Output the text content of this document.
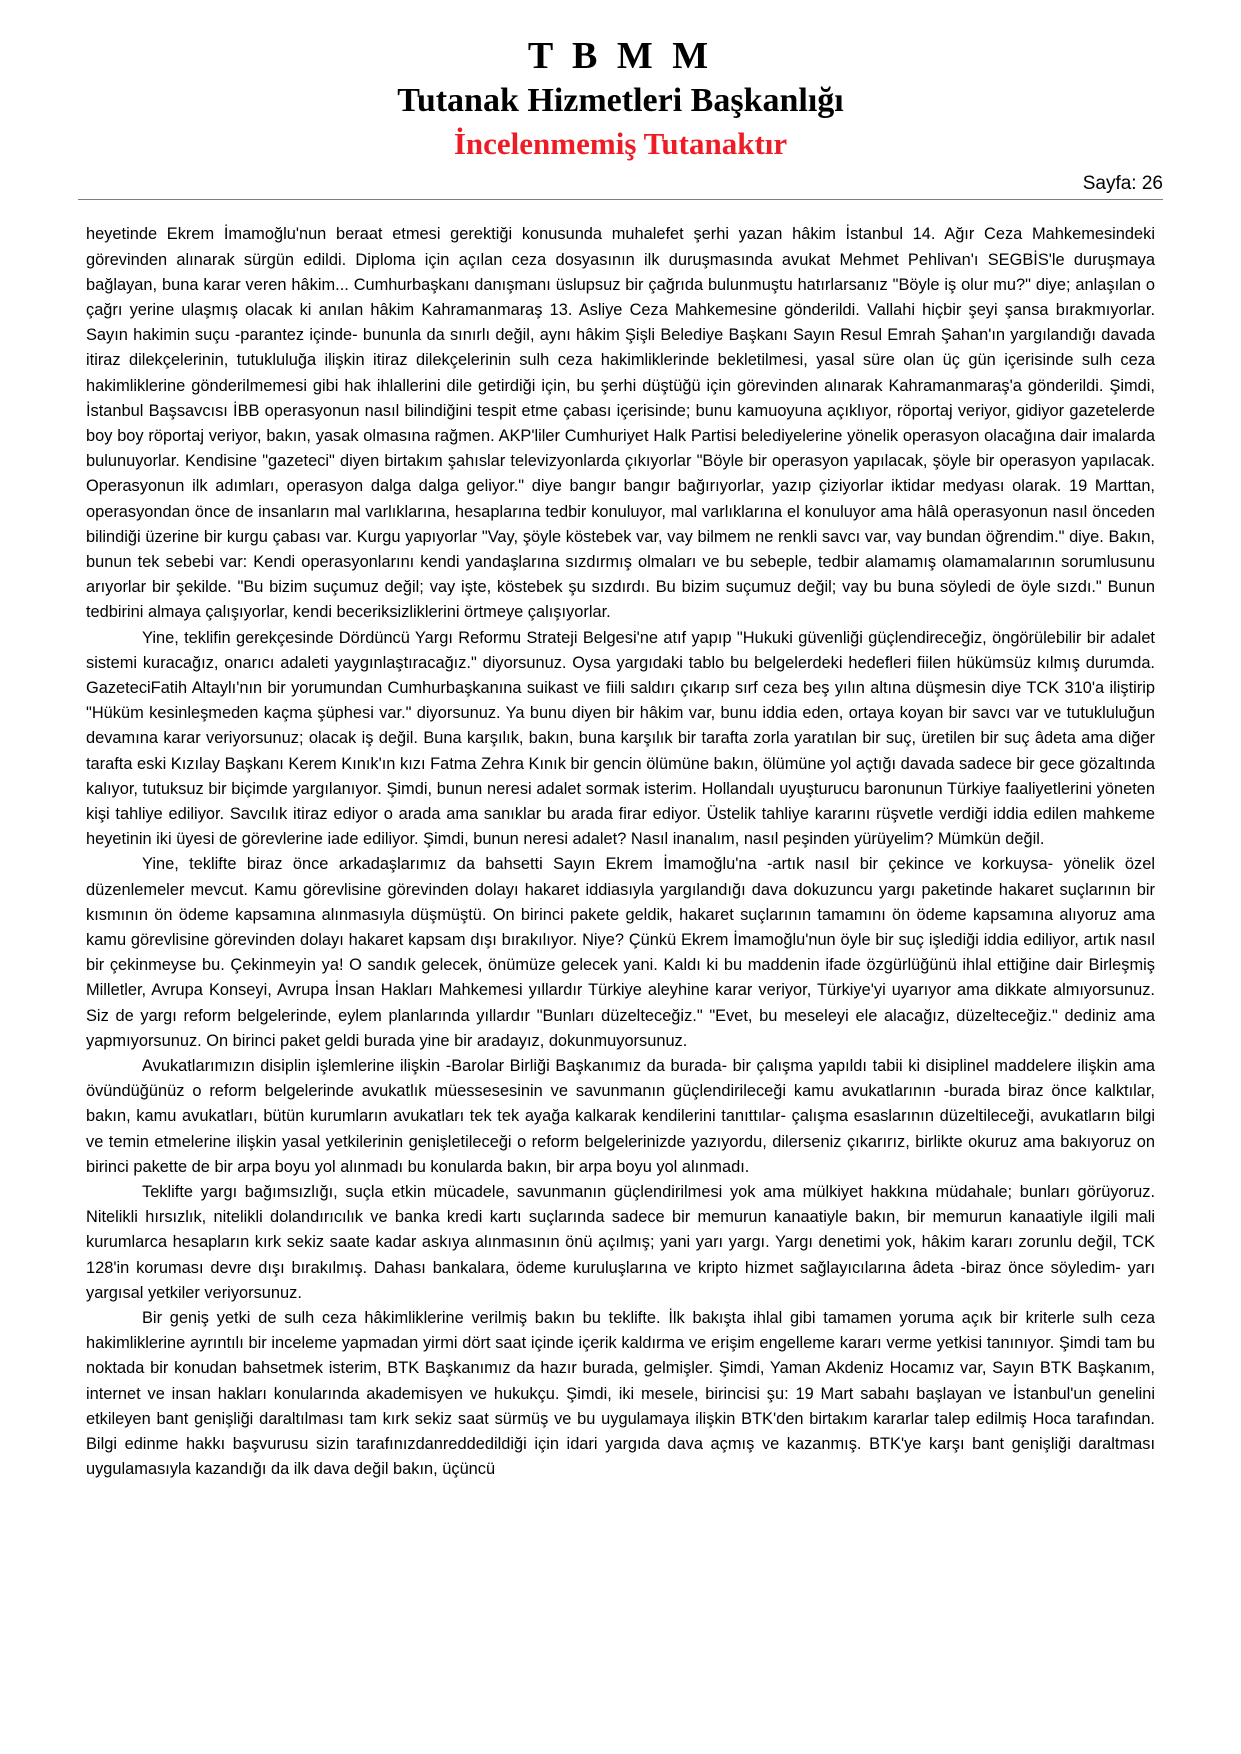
T B M M
Tutanak Hizmetleri Başkanlığı
İncelenmemiş Tutanaktır
Sayfa: 26

heyetinde Ekrem İmamoğlu'nun beraat etmesi gerektiği konusunda muhalefet şerhi yazan hâkim İstanbul 14. Ağır Ceza Mahkemesindeki görevinden alınarak sürgün edildi. Diploma için açılan ceza dosyasının ilk duruşmasında avukat Mehmet Pehlivan'ı SEGBİS'le duruşmaya bağlayan, buna karar veren hâkim... Cumhurbaşkanı danışmanı üslupsuz bir çağrıda bulunmuştu hatırlarsanız "Böyle iş olur mu?" diye; anlaşılan o çağrı yerine ulaşmış olacak ki anılan hâkim Kahramanmaraş 13. Asliye Ceza Mahkemesine gönderildi. Vallahi hiçbir şeyi şansa bırakmıyorlar. Sayın hakimin suçu -parantez içinde- bununla da sınırlı değil, aynı hâkim Şişli Belediye Başkanı Sayın Resul Emrah Şahan'ın yargılandığı davada itiraz dilekçelerinin, tutukluluğa ilişkin itiraz dilekçelerinin sulh ceza hakimliklerinde bekletilmesi, yasal süre olan üç gün içerisinde sulh ceza hakimliklerine gönderilmemesi gibi hak ihlallerini dile getirdiği için, bu şerhi düştüğü için görevinden alınarak Kahramanmaraş'a gönderildi. Şimdi, İstanbul Başsavcısı İBB operasyonun nasıl bilindiğini tespit etme çabası içerisinde; bunu kamuoyuna açıklıyor, röportaj veriyor, gidiyor gazetelerde boy boy röportaj veriyor, bakın, yasak olmasına rağmen. AKP'liler Cumhuriyet Halk Partisi belediyelerine yönelik operasyon olacağına dair imalarda bulunuyorlar. Kendisine "gazeteci" diyen birtakım şahıslar televizyonlarda çıkıyorlar "Böyle bir operasyon yapılacak, şöyle bir operasyon yapılacak. Operasyonun ilk adımları, operasyon dalga dalga geliyor." diye bangır bangır bağırıyorlar, yazıp çiziyorlar iktidar medyası olarak. 19 Marttan, operasyondan önce de insanların mal varlıklarına, hesaplarına tedbir konuluyor, mal varlıklarına el konuluyor ama hâlâ operasyonun nasıl önceden bilindiği üzerine bir kurgu çabası var. Kurgu yapıyorlar "Vay, şöyle köstebek var, vay bilmem ne renkli savcı var, vay bundan öğrendim." diye. Bakın, bunun tek sebebi var: Kendi operasyonlarını kendi yandaşlarına sızdırmış olmaları ve bu sebeple, tedbir alamamış olamamalarının sorumlusunu arıyorlar bir şekilde. "Bu bizim suçumuz değil; vay işte, köstebek şu sızdırdı. Bu bizim suçumuz değil; vay bu buna söyledi de öyle sızdı." Bunun tedbirini almaya çalışıyorlar, kendi beceriksizliklerini örtmeye çalışıyorlar.

Yine, teklifin gerekçesinde Dördüncü Yargı Reformu Strateji Belgesi'ne atıf yapıp "Hukuki güvenliği güçlendireceğiz, öngörülebilir bir adalet sistemi kuracağız, onarıcı adaleti yaygınlaştıracağız." diyorsunuz. Oysa yargıdaki tablo bu belgelerdeki hedefleri fiilen hükümsüz kılmış durumda. GazeteciFatih Altaylı'nın bir yorumundan Cumhurbaşkanına suikast ve fiili saldırı çıkarıp sırf ceza beş yılın altına düşmesin diye TCK 310'a iliştirip "Hüküm kesinleşmeden kaçma şüphesi var." diyorsunuz. Ya bunu diyen bir hâkim var, bunu iddia eden, ortaya koyan bir savcı var ve tutukluluğun devamına karar veriyorsunuz; olacak iş değil. Buna karşılık, bakın, buna karşılık bir tarafta zorla yaratılan bir suç, üretilen bir suç âdeta ama diğer tarafta eski Kızılay Başkanı Kerem Kınık'ın kızı Fatma Zehra Kınık bir gencin ölümüne bakın, ölümüne yol açtığı davada sadece bir gece gözaltında kalıyor, tutuksuz bir biçimde yargılanıyor. Şimdi, bunun neresi adalet sormak isterim. Hollandalı uyuşturucu baronunun Türkiye faaliyetlerini yöneten kişi tahliye ediliyor. Savcılık itiraz ediyor o arada ama sanıklar bu arada firar ediyor. Üstelik tahliye kararını rüşvetle verdiği iddia edilen mahkeme heyetinin iki üyesi de görevlerine iade ediliyor. Şimdi, bunun neresi adalet? Nasıl inanalım, nasıl peşinden yürüyelim? Mümkün değil.

Yine, teklifte biraz önce arkadaşlarımız da bahsetti Sayın Ekrem İmamoğlu'na -artık nasıl bir çekince ve korkuysa- yönelik özel düzenlemeler mevcut. Kamu görevlisine görevinden dolayı hakaret iddiasıyla yargılandığı dava dokuzuncu yargı paketinde hakaret suçlarının bir kısmının ön ödeme kapsamına alınmasıyla düşmüştü. On birinci pakete geldik, hakaret suçlarının tamamını ön ödeme kapsamına alıyoruz ama kamu görevlisine görevinden dolayı hakaret kapsam dışı bırakılıyor. Niye? Çünkü Ekrem İmamoğlu'nun öyle bir suç işlediği iddia ediliyor, artık nasıl bir çekinmeyse bu. Çekinmeyin ya! O sandık gelecek, önümüze gelecek yani. Kaldı ki bu maddenin ifade özgürlüğünü ihlal ettiğine dair Birleşmiş Milletler, Avrupa Konseyi, Avrupa İnsan Hakları Mahkemesi yıllardır Türkiye aleyhine karar veriyor, Türkiye'yi uyarıyor ama dikkate almıyorsunuz. Siz de yargı reform belgelerinde, eylem planlarında yıllardır "Bunları düzelteceğiz." "Evet, bu meseleyi ele alacağız, düzelteceğiz." dediniz ama yapmıyorsunuz. On birinci paket geldi burada yine bir aradayız, dokunmuyorsunuz.

Avukatlarımızın disiplin işlemlerine ilişkin -Barolar Birliği Başkanımız da burada- bir çalışma yapıldı tabii ki disiplinel maddelere ilişkin ama övündüğünüz o reform belgelerinde avukatlık müessesesinin ve savunmanın güçlendirileceği kamu avukatlarının -burada biraz önce kalktılar, bakın, kamu avukatları, bütün kurumların avukatları tek tek ayağa kalkarak kendilerini tanıttılar- çalışma esaslarının düzeltileceği, avukatların bilgi ve temin etmelerine ilişkin yasal yetkilerinin genişletileceği o reform belgelerinizde yazıyordu, dilerseniz çıkarırız, birlikte okuruz ama bakıyoruz on birinci pakette de bir arpa boyu yol alınmadı bu konularda bakın, bir arpa boyu yol alınmadı.

Teklifte yargı bağımsızlığı, suçla etkin mücadele, savunmanın güçlendirilmesi yok ama mülkiyet hakkına müdahale; bunları görüyoruz. Nitelikli hırsızlık, nitelikli dolandırıcılık ve banka kredi kartı suçlarında sadece bir memurun kanaatiyle bakın, bir memurun kanaatiyle ilgili mali kurumlarca hesapların kırk sekiz saate kadar askıya alınmasının önü açılmış; yani yarı yargı. Yargı denetimi yok, hâkim kararı zorunlu değil, TCK 128'in koruması devre dışı bırakılmış. Dahası bankalara, ödeme kuruluşlarına ve kripto hizmet sağlayıcılarına âdeta -biraz önce söyledim- yarı yargısal yetkiler veriyorsunuz.

Bir geniş yetki de sulh ceza hâkimliklerine verilmiş bakın bu teklifte. İlk bakışta ihlal gibi tamamen yoruma açık bir kriterle sulh ceza hakimliklerine ayrıntılı bir inceleme yapmadan yirmi dört saat içinde içerik kaldırma ve erişim engelleme kararı verme yetkisi tanınıyor. Şimdi tam bu noktada bir konudan bahsetmek isterim, BTK Başkanımız da hazır burada, gelmişler. Şimdi, Yaman Akdeniz Hocamız var, Sayın BTK Başkanım, internet ve insan hakları konularında akademisyen ve hukukçu. Şimdi, iki mesele, birincisi şu: 19 Mart sabahı başlayan ve İstanbul'un genelini etkileyen bant genişliği daraltılması tam kırk sekiz saat sürmüş ve bu uygulamaya ilişkin BTK'den birtakım kararlar talep edilmiş Hoca tarafından. Bilgi edinme hakkı başvurusu sizin tarafınızdanreddedildiği için idari yargıda dava açmış ve kazanmış. BTK'ye karşı bant genişliği daraltması uygulamasıyla kazandığı da ilk dava değil bakın, üçüncü
